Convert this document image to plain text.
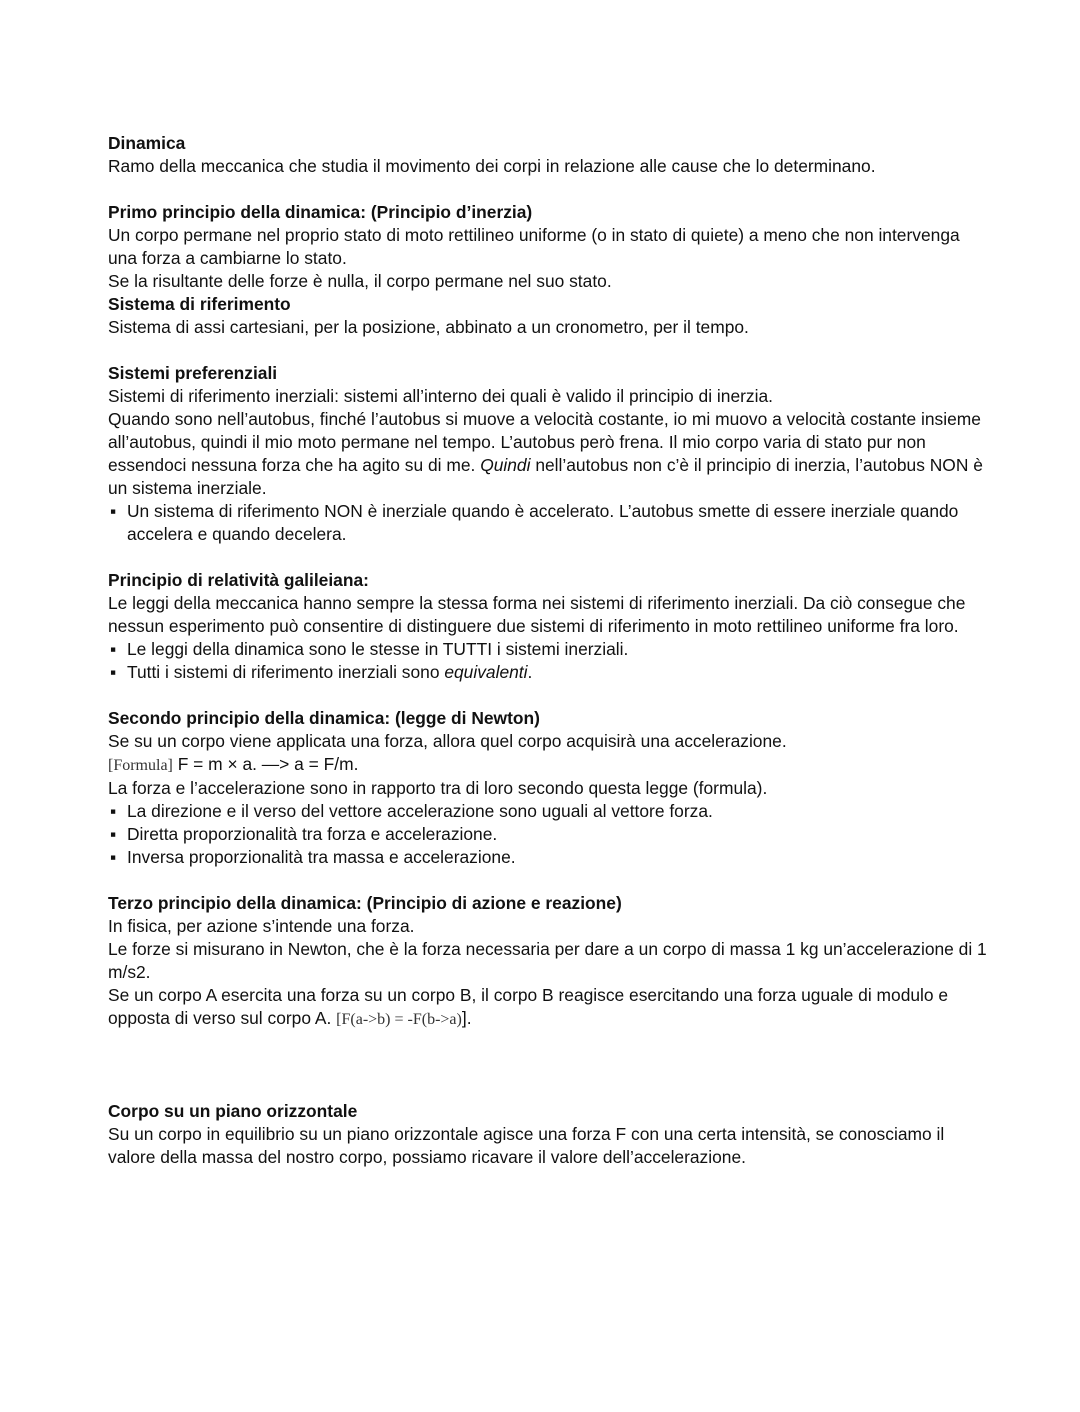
Dinamica

Ramo della meccanica che studia il movimento dei corpi in relazione alle cause che lo determinano.

Primo principio della dinamica: (Principio d’inerzia)

Un corpo permane nel proprio stato di moto rettilineo uniforme (o in stato di quiete) a meno che non intervenga una forza a cambiarne lo stato.

Se la risultante delle forze è nulla, il corpo permane nel suo stato.

Sistema di riferimento

Sistema di assi cartesiani, per la posizione, abbinato a un cronometro, per il tempo.

Sistemi preferenziali

Sistemi di riferimento inerziali: sistemi all’interno dei quali è valido il principio di inerzia.

Quando sono nell’autobus, finché l’autobus si muove a velocità costante, io mi muovo a velocità costante insieme all’autobus, quindi il mio moto permane nel tempo. L’autobus però frena. Il mio corpo varia di stato pur non essendoci nessuna forza che ha agito su di me. Quindi nell’autobus non c’è il principio di inerzia, l’autobus NON è un sistema inerziale.

▪ Un sistema di riferimento NON è inerziale quando è accelerato. L’autobus smette di essere inerziale quando accelera e quando decelera.
Principio di relatività galileiana:

Le leggi della meccanica hanno sempre la stessa forma nei sistemi di riferimento inerziali. Da ciò consegue che nessun esperimento può consentire di distinguere due sistemi di riferimento in moto rettilineo uniforme fra loro.

▪ Le leggi della dinamica sono le stesse in TUTTI i sistemi inerziali.
▪ Tutti i sistemi di riferimento inerziali sono equivalenti.
Secondo principio della dinamica: (legge di Newton)

Se su un corpo viene applicata una forza, allora quel corpo acquisirà una accelerazione.

[Formula] F = m × a. —> a = F/m.

La forza e l’accelerazione sono in rapporto tra di loro secondo questa legge (formula).

▪ La direzione e il verso del vettore accelerazione sono uguali al vettore forza.
▪ Diretta proporzionalità tra forza e accelerazione.
▪ Inversa proporzionalità tra massa e accelerazione.
Terzo principio della dinamica: (Principio di azione e reazione)

In fisica, per azione s’intende una forza.

Le forze si misurano in Newton, che è la forza necessaria per dare a un corpo di massa 1 kg un’accelerazione di 1 m/s2.

Se un corpo A esercita una forza su un corpo B, il corpo B reagisce esercitando una forza uguale di modulo e opposta di verso sul corpo A. [F(a->b) = -F(b->a)].

Corpo su un piano orizzontale

Su un corpo in equilibrio su un piano orizzontale agisce una forza F con una certa intensità, se conosciamo il valore della massa del nostro corpo, possiamo ricavare il valore dell’accelerazione.
